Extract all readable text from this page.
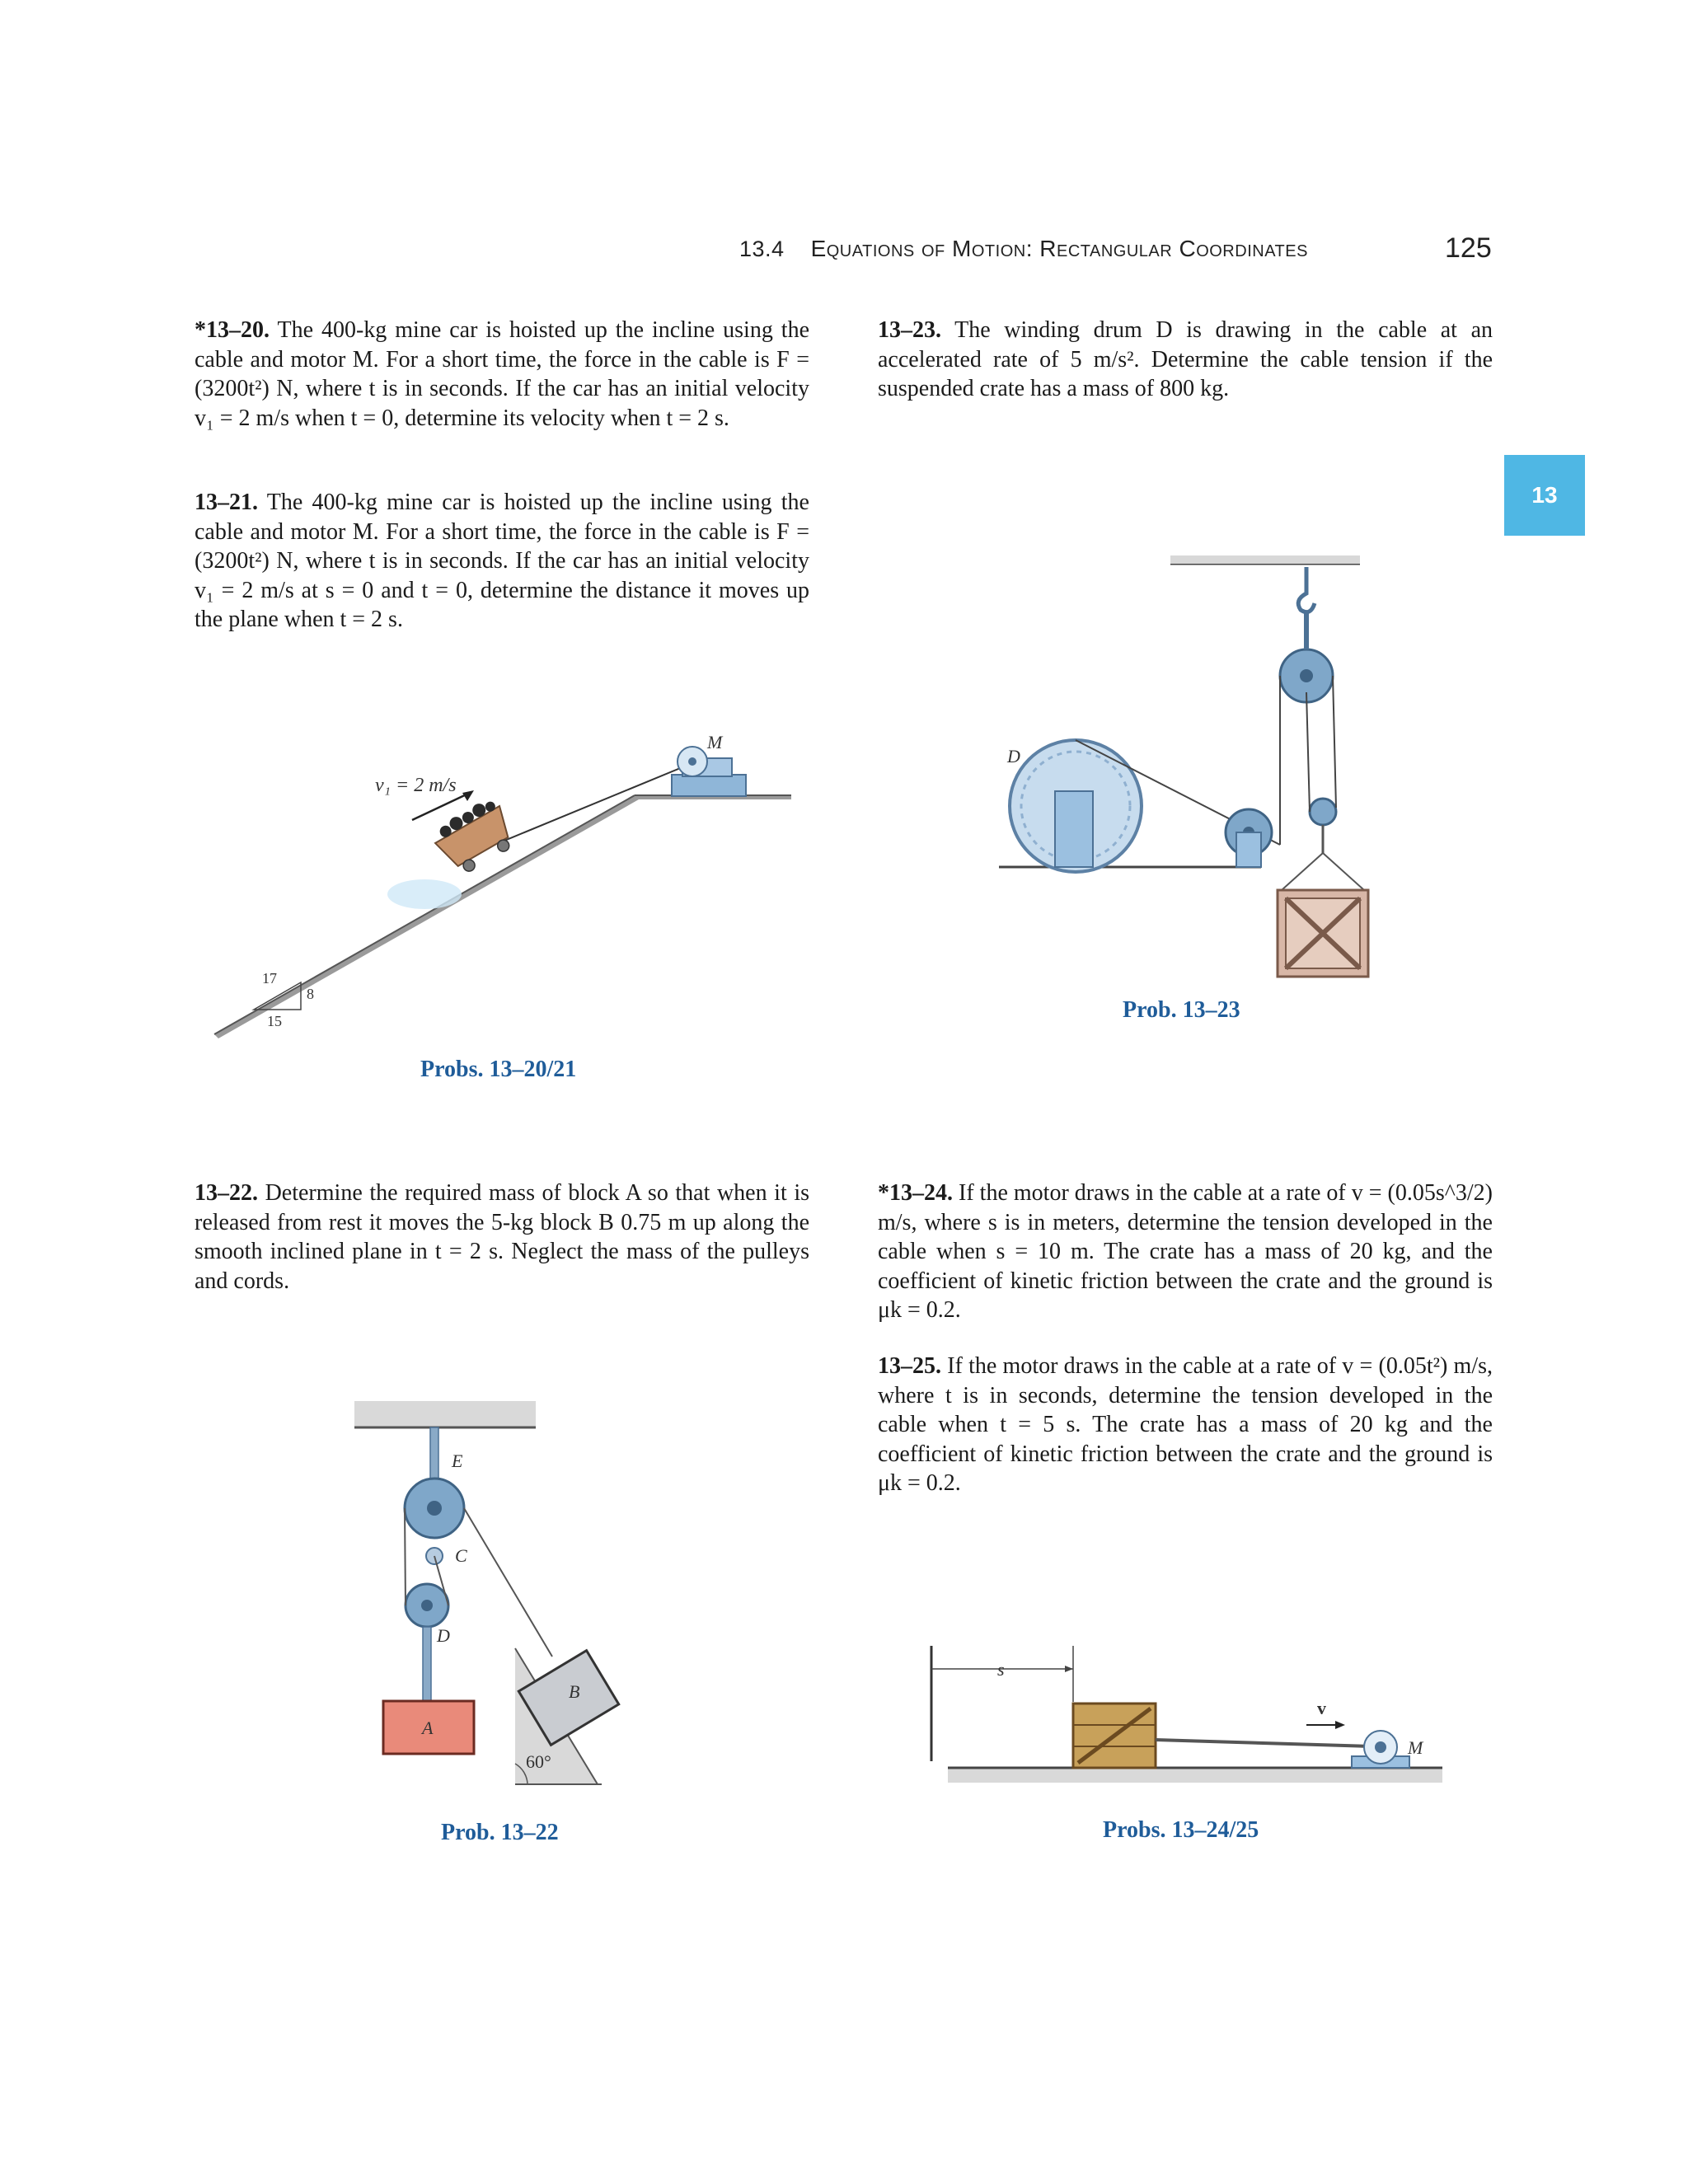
13.4 Equations of Motion: Rectangular Coordinates	125
13
*13–20. The 400-kg mine car is hoisted up the incline using the cable and motor M. For a short time, the force in the cable is F = (3200t²) N, where t is in seconds. If the car has an initial velocity v₁ = 2 m/s when t = 0, determine its velocity when t = 2 s.
13–21. The 400-kg mine car is hoisted up the incline using the cable and motor M. For a short time, the force in the cable is F = (3200t²) N, where t is in seconds. If the car has an initial velocity v₁ = 2 m/s at s = 0 and t = 0, determine the distance it moves up the plane when t = 2 s.
13–23. The winding drum D is drawing in the cable at an accelerated rate of 5 m/s². Determine the cable tension if the suspended crate has a mass of 800 kg.
17
8
15
v₁ = 2 m/s
M
Probs. 13–20/21
D
Prob. 13–23
13–22. Determine the required mass of block A so that when it is released from rest it moves the 5-kg block B 0.75 m up along the smooth inclined plane in t = 2 s. Neglect the mass of the pulleys and cords.
*13–24. If the motor draws in the cable at a rate of v = (0.05s^3/2) m/s, where s is in meters, determine the tension developed in the cable when s = 10 m. The crate has a mass of 20 kg, and the coefficient of kinetic friction between the crate and the ground is μk = 0.2.
13–25. If the motor draws in the cable at a rate of v = (0.05t²) m/s, where t is in seconds, determine the tension developed in the cable when t = 5 s. The crate has a mass of 20 kg and the coefficient of kinetic friction between the crate and the ground is μk = 0.2.
E
C
D
A
B
60°
Prob. 13–22
s
v
M
Probs. 13–24/25
